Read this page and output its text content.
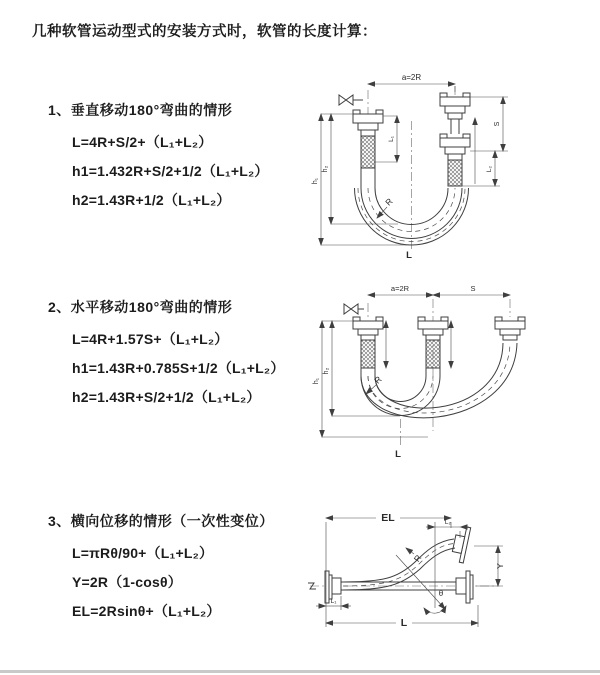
几种软管运动型式的安装方式时，软管的长度计算：
1、垂直移动180°弯曲的情形
L=4R+S/2+（L₁+L₂）
h1=1.432R+S/2+1/2（L₁+L₂）
h2=1.43R+1/2（L₁+L₂）
2、水平移动180°弯曲的情形
L=4R+1.57S+（L₁+L₂）
h1=1.43R+0.785S+1/2（L₁+L₂）
h2=1.43R+S/2+1/2（L₁+L₂）
3、横向位移的情形（一次性变位）
L=πRθ/90+（L₁+L₂）
Y=2R（1-cosθ）
EL=2Rsinθ+（L₁+L₂）
a=2R
h₁
h₂
L₁
S
L₂
R
L
a=2R	S
h₁
h₂
R
L
EL	L₂
Y
R
θ
L
L₁
